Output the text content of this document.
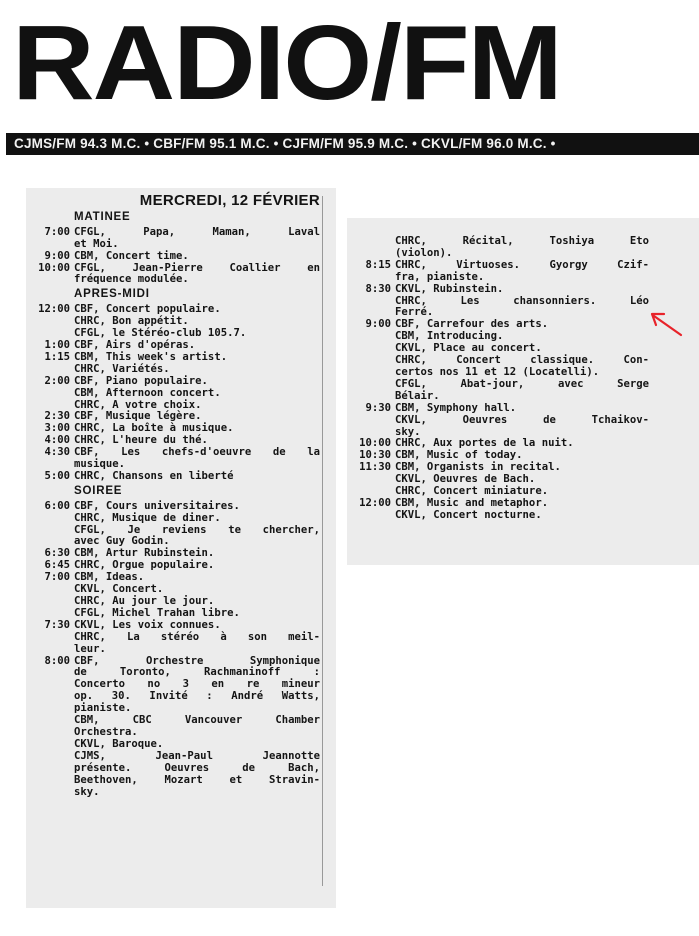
RADIO/FM
CJMS/FM 94.3 M.C. • CBF/FM 95.1 M.C. • CJFM/FM 95.9 M.C. • CKVL/FM 96.0 M.C. •
MERCREDI, 12 FÉVRIER
MATINEE
7:00 CFGL, Papa, Maman, Laval
et Moi.
9:00 CBM, Concert time.
10:00 CFGL, Jean-Pierre Coallier en
fréquence modulée.
APRES-MIDI
12:00 CBF, Concert populaire.
CHRC, Bon appétit.
CFGL, le Stéréo-club 105.7.
1:00 CBF, Airs d'opéras.
1:15 CBM, This week's artist.
CHRC, Variétés.
2:00 CBF, Piano populaire.
CBM, Afternoon concert.
CHRC, A votre choix.
2:30 CBF, Musique légère.
3:00 CHRC, La boîte à musique.
4:00 CHRC, L'heure du thé.
4:30 CBF, Les chefs-d'oeuvre de la
musique.
5:00 CHRC, Chansons en liberté
SOIREE
6:00 CBF, Cours universitaires.
CHRC, Musique de diner.
CFGL, Je reviens te chercher,
avec Guy Godin.
6:30 CBM, Artur Rubinstein.
6:45 CHRC, Orgue populaire.
7:00 CBM, Ideas.
CKVL, Concert.
CHRC, Au jour le jour.
CFGL, Michel Trahan libre.
7:30 CKVL, Les voix connues.
CHRC, La stéréo à son meil-
leur.
8:00 CBF, Orchestre Symphonique
de Toronto, Rachmaninoff :
Concerto no 3 en re mineur
op. 30. Invité : André Watts,
pianiste.
CBM, CBC Vancouver Chamber
Orchestra.
CKVL, Baroque.
CJMS, Jean-Paul Jeannotte
présente. Oeuvres de Bach,
Beethoven, Mozart et Stravin-
sky.
CHRC, Récital, Toshiya Eto
(violon).
8:15 CHRC, Virtuoses. Gyorgy Czif-
fra, pianiste.
8:30 CKVL, Rubinstein.
CHRC, Les chansonniers. Léo
Ferré.
9:00 CBF, Carrefour des arts.
CBM, Introducing.
CKVL, Place au concert.
CHRC, Concert classique. Con-
certos nos 11 et 12 (Locatelli).
CFGL, Abat-jour, avec Serge
Bélair.
9:30 CBM, Symphony hall.
CKVL, Oeuvres de Tchaikov-
sky.
10:00 CHRC, Aux portes de la nuit.
10:30 CBM, Music of today.
11:30 CBM, Organists in recital.
CKVL, Oeuvres de Bach.
CHRC, Concert miniature.
12:00 CBM, Music and metaphor.
CKVL, Concert nocturne.
